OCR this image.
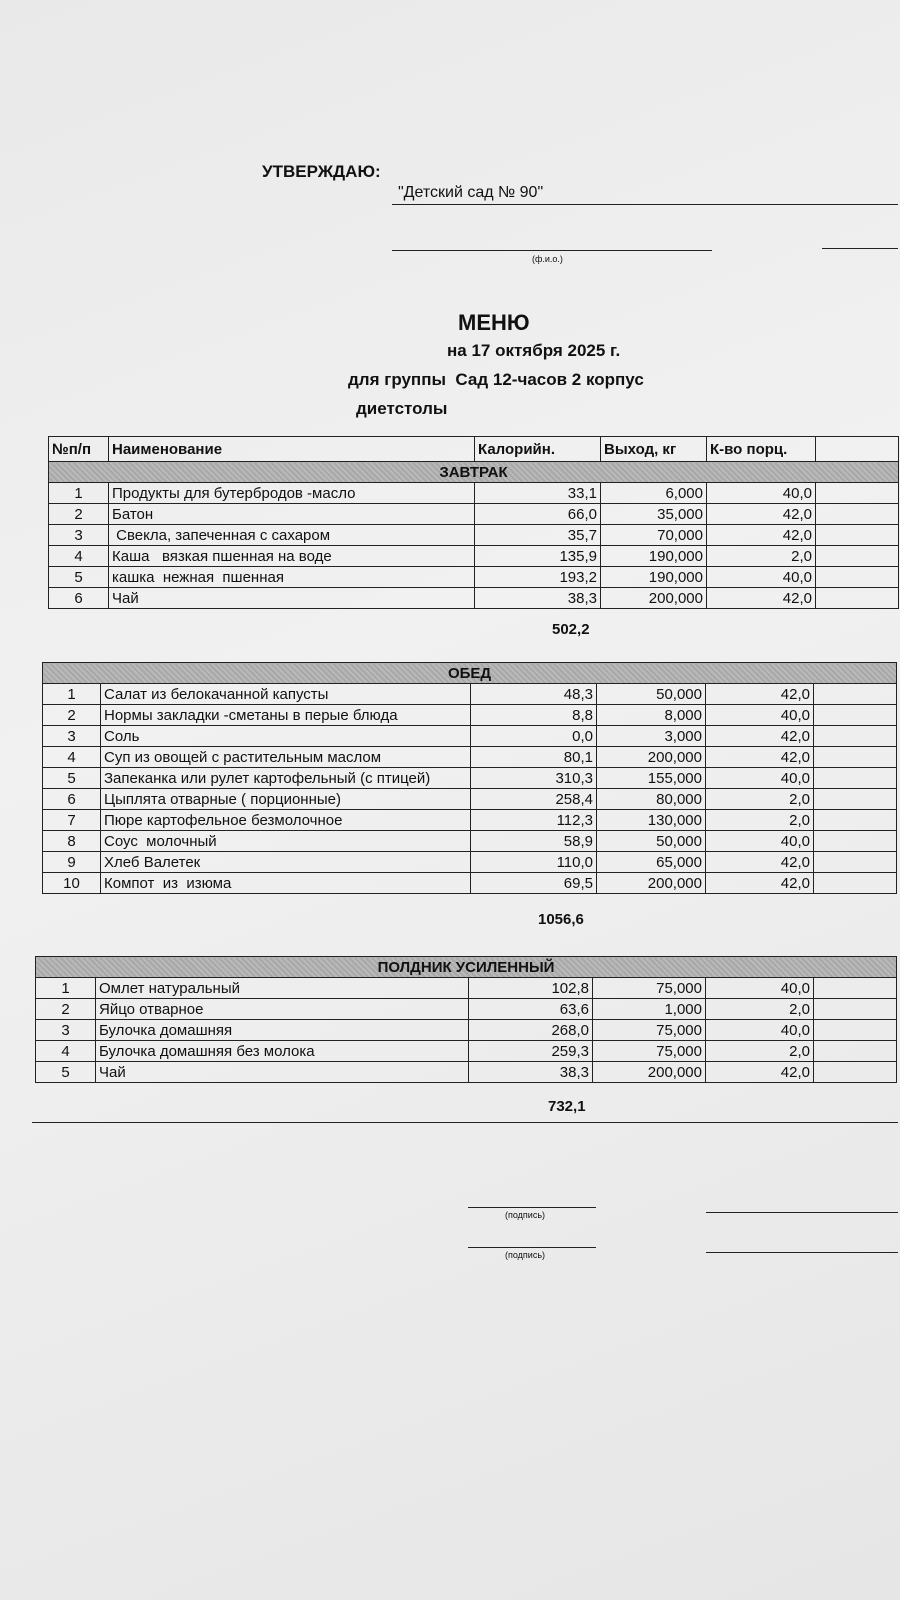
УТВЕРЖДАЮ:
"Детский сад № 90"
(ф.и.о.)
МЕНЮ
на 17 октября 2025 г.
для группы  Сад 12-часов 2 корпус
диетстолы
№п/п	Наименование	Калорийн.	Выход, кг	К-во порц.	
ЗАВТРАК					
1	Продукты для бутербродов -масло	33,1	6,000	40,0	
2	Батон	66,0	35,000	42,0	
3	Свекла, запеченная с сахаром	35,7	70,000	42,0	
4	Каша   вязкая пшенная на воде	135,9	190,000	2,0	
5	кашка  нежная  пшенная	193,2	190,000	40,0	
6	Чай	38,3	200,000	42,0	
502,2
ОБЕД					
1	Салат из белокачанной капусты	48,3	50,000	42,0	
2	Нормы закладки -сметаны в перые блюда	8,8	8,000	40,0	
3	Соль	0,0	3,000	42,0	
4	Суп из овощей с растительным маслом	80,1	200,000	42,0	
5	Запеканка или рулет картофельный (с птицей)	310,3	155,000	40,0	
6	Цыплята отварные ( порционные)	258,4	80,000	2,0	
7	Пюре картофельное безмолочное	112,3	130,000	2,0	
8	Соус  молочный	58,9	50,000	40,0	
9	Хлеб Валетек	110,0	65,000	42,0	
10	Компот  из  изюма	69,5	200,000	42,0	
1056,6
ПОЛДНИК УСИЛЕННЫЙ					
1	Омлет натуральный	102,8	75,000	40,0	
2	Яйцо отварное	63,6	1,000	2,0	
3	Булочка домашняя	268,0	75,000	40,0	
4	Булочка домашняя без молока	259,3	75,000	2,0	
5	Чай	38,3	200,000	42,0	
732,1
(подпись)
(подпись)
